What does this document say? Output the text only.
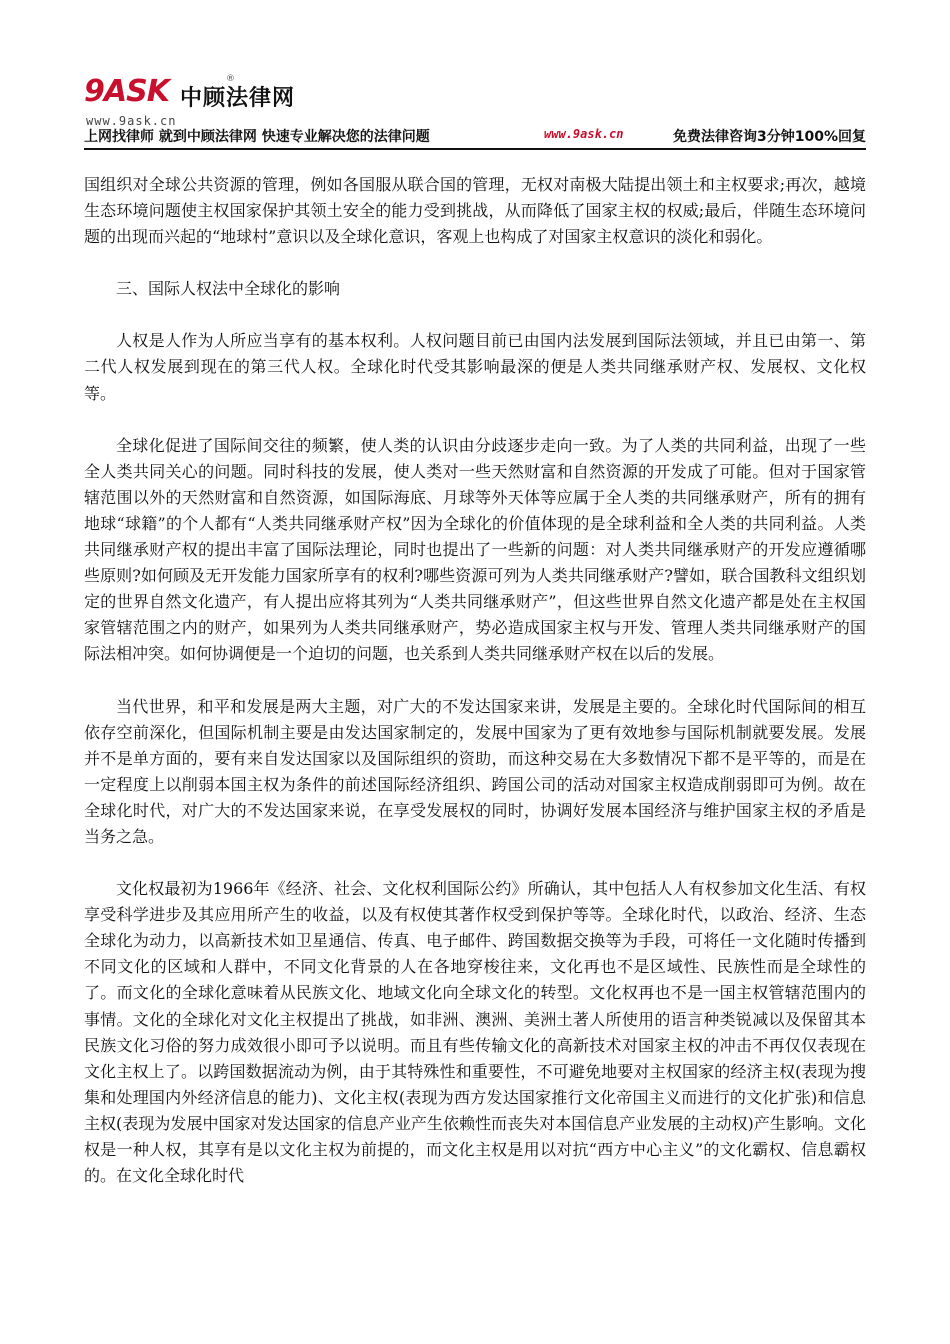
9ASK	®
中顾法律网
www.9ask.cn
上网找律师 就到中顾法律网 快速专业解决您的法律问题	www.9ask.cn	免费法律咨询3分钟100%回复

国组织对全球公共资源的管理，例如各国服从联合国的管理，无权对南极大陆提出领土和主权要求;再次，越境生态环境问题使主权国家保护其领土安全的能力受到挑战，从而降低了国家主权的权威;最后，伴随生态环境问题的出现而兴起的“地球村”意识以及全球化意识，客观上也构成了对国家主权意识的淡化和弱化。

三、国际人权法中全球化的影响

人权是人作为人所应当享有的基本权利。人权问题目前已由国内法发展到国际法领域，并且已由第一、第二代人权发展到现在的第三代人权。全球化时代受其影响最深的便是人类共同继承财产权、发展权、文化权等。

全球化促进了国际间交往的频繁，使人类的认识由分歧逐步走向一致。为了人类的共同利益，出现了一些全人类共同关心的问题。同时科技的发展，使人类对一些天然财富和自然资源的开发成了可能。但对于国家管辖范围以外的天然财富和自然资源，如国际海底、月球等外天体等应属于全人类的共同继承财产，所有的拥有地球“球籍”的个人都有“人类共同继承财产权”因为全球化的价值体现的是全球利益和全人类的共同利益。人类共同继承财产权的提出丰富了国际法理论，同时也提出了一些新的问题：对人类共同继承财产的开发应遵循哪些原则?如何顾及无开发能力国家所享有的权利?哪些资源可列为人类共同继承财产?譬如，联合国教科文组织划定的世界自然文化遗产，有人提出应将其列为“人类共同继承财产”，但这些世界自然文化遗产都是处在主权国家管辖范围之内的财产，如果列为人类共同继承财产，势必造成国家主权与开发、管理人类共同继承财产的国际法相冲突。如何协调便是一个迫切的问题，也关系到人类共同继承财产权在以后的发展。

当代世界，和平和发展是两大主题，对广大的不发达国家来讲，发展是主要的。全球化时代国际间的相互依存空前深化，但国际机制主要是由发达国家制定的，发展中国家为了更有效地参与国际机制就要发展。发展并不是单方面的，要有来自发达国家以及国际组织的资助，而这种交易在大多数情况下都不是平等的，而是在一定程度上以削弱本国主权为条件的前述国际经济组织、跨国公司的活动对国家主权造成削弱即可为例。故在全球化时代，对广大的不发达国家来说，在享受发展权的同时，协调好发展本国经济与维护国家主权的矛盾是当务之急。

文化权最初为1966年《经济、社会、文化权利国际公约》所确认，其中包括人人有权参加文化生活、有权享受科学进步及其应用所产生的收益，以及有权使其著作权受到保护等等。全球化时代，以政治、经济、生态全球化为动力，以高新技术如卫星通信、传真、电子邮件、跨国数据交换等为手段，可将任一文化随时传播到不同文化的区域和人群中，不同文化背景的人在各地穿梭往来，文化再也不是区域性、民族性而是全球性的了。而文化的全球化意味着从民族文化、地域文化向全球文化的转型。文化权再也不是一国主权管辖范围内的事情。文化的全球化对文化主权提出了挑战，如非洲、澳洲、美洲土著人所使用的语言种类锐减以及保留其本民族文化习俗的努力成效很小即可予以说明。而且有些传输文化的高新技术对国家主权的冲击不再仅仅表现在文化主权上了。以跨国数据流动为例，由于其特殊性和重要性，不可避免地要对主权国家的经济主权(表现为搜集和处理国内外经济信息的能力)、文化主权(表现为西方发达国家推行文化帝国主义而进行的文化扩张)和信息主权(表现为发展中国家对发达国家的信息产业产生依赖性而丧失对本国信息产业发展的主动权)产生影响。文化权是一种人权，其享有是以文化主权为前提的，而文化主权是用以对抗“西方中心主义”的文化霸权、信息霸权的。在文化全球化时代
